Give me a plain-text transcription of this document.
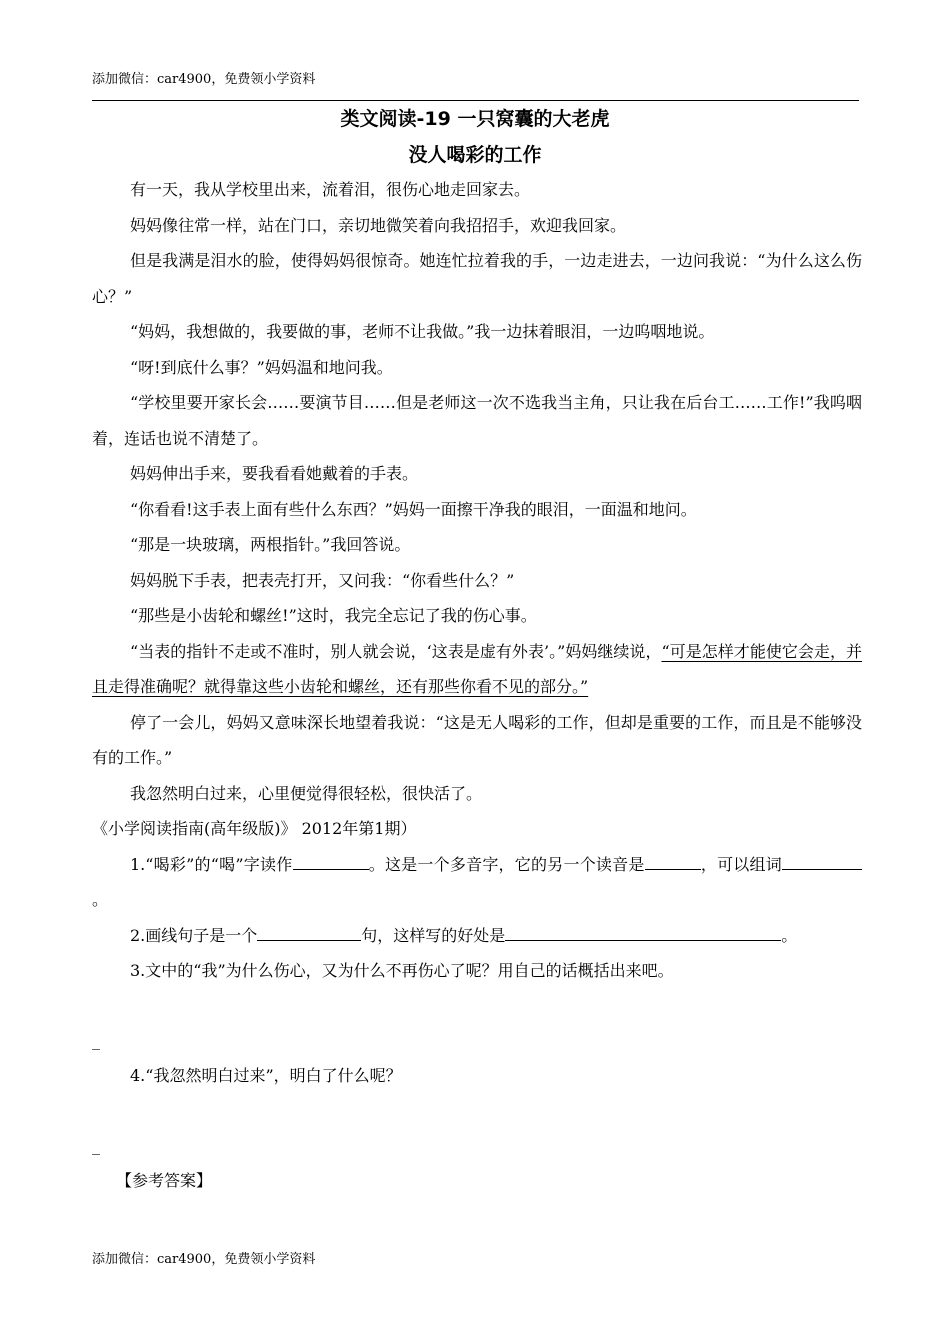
添加微信：car4900，免费领小学资料
类文阅读-19 一只窝囊的大老虎
没人喝彩的工作

有一天，我从学校里出来，流着泪，很伤心地走回家去。

妈妈像往常一样，站在门口，亲切地微笑着向我招招手，欢迎我回家。

但是我满是泪水的脸，使得妈妈很惊奇。她连忙拉着我的手，一边走进去，一边问我说：“为什么这么伤心？”

“妈妈，我想做的，我要做的事，老师不让我做。”我一边抹着眼泪，一边呜咽地说。

“呀!到底什么事？”妈妈温和地问我。

“学校里要开家长会……要演节目……但是老师这一次不选我当主角，只让我在后台工……工作!”我呜咽着，连话也说不清楚了。

妈妈伸出手来，要我看看她戴着的手表。

“你看看!这手表上面有些什么东西？”妈妈一面擦干净我的眼泪，一面温和地问。

“那是一块玻璃，两根指针。”我回答说。

妈妈脱下手表，把表壳打开，又问我：“你看些什么？”

“那些是小齿轮和螺丝!”这时，我完全忘记了我的伤心事。

“当表的指针不走或不准时，别人就会说，‘这表是虚有外表’。”妈妈继续说，“可是怎样才能使它会走，并且走得准确呢？就得靠这些小齿轮和螺丝，还有那些你看不见的部分。”

停了一会儿，妈妈又意味深长地望着我说：“这是无人喝彩的工作，但却是重要的工作，而且是不能够没有的工作。”

我忽然明白过来，心里便觉得很轻松，很快活了。

《小学阅读指南(高年级版)》 2012年第1期）

1.“喝彩”的“喝”字读作	。这是一个多音字，它的另一个读音是	，可以组词。

2.画线句子是一个	句，这样写的好处是	。

3.文中的“我”为什么伤心，又为什么不再伤心了呢？用自己的话概括出来吧。

_

4.“我忽然明白过来”，明白了什么呢？

_

【参考答案】

添加微信：car4900，免费领小学资料
